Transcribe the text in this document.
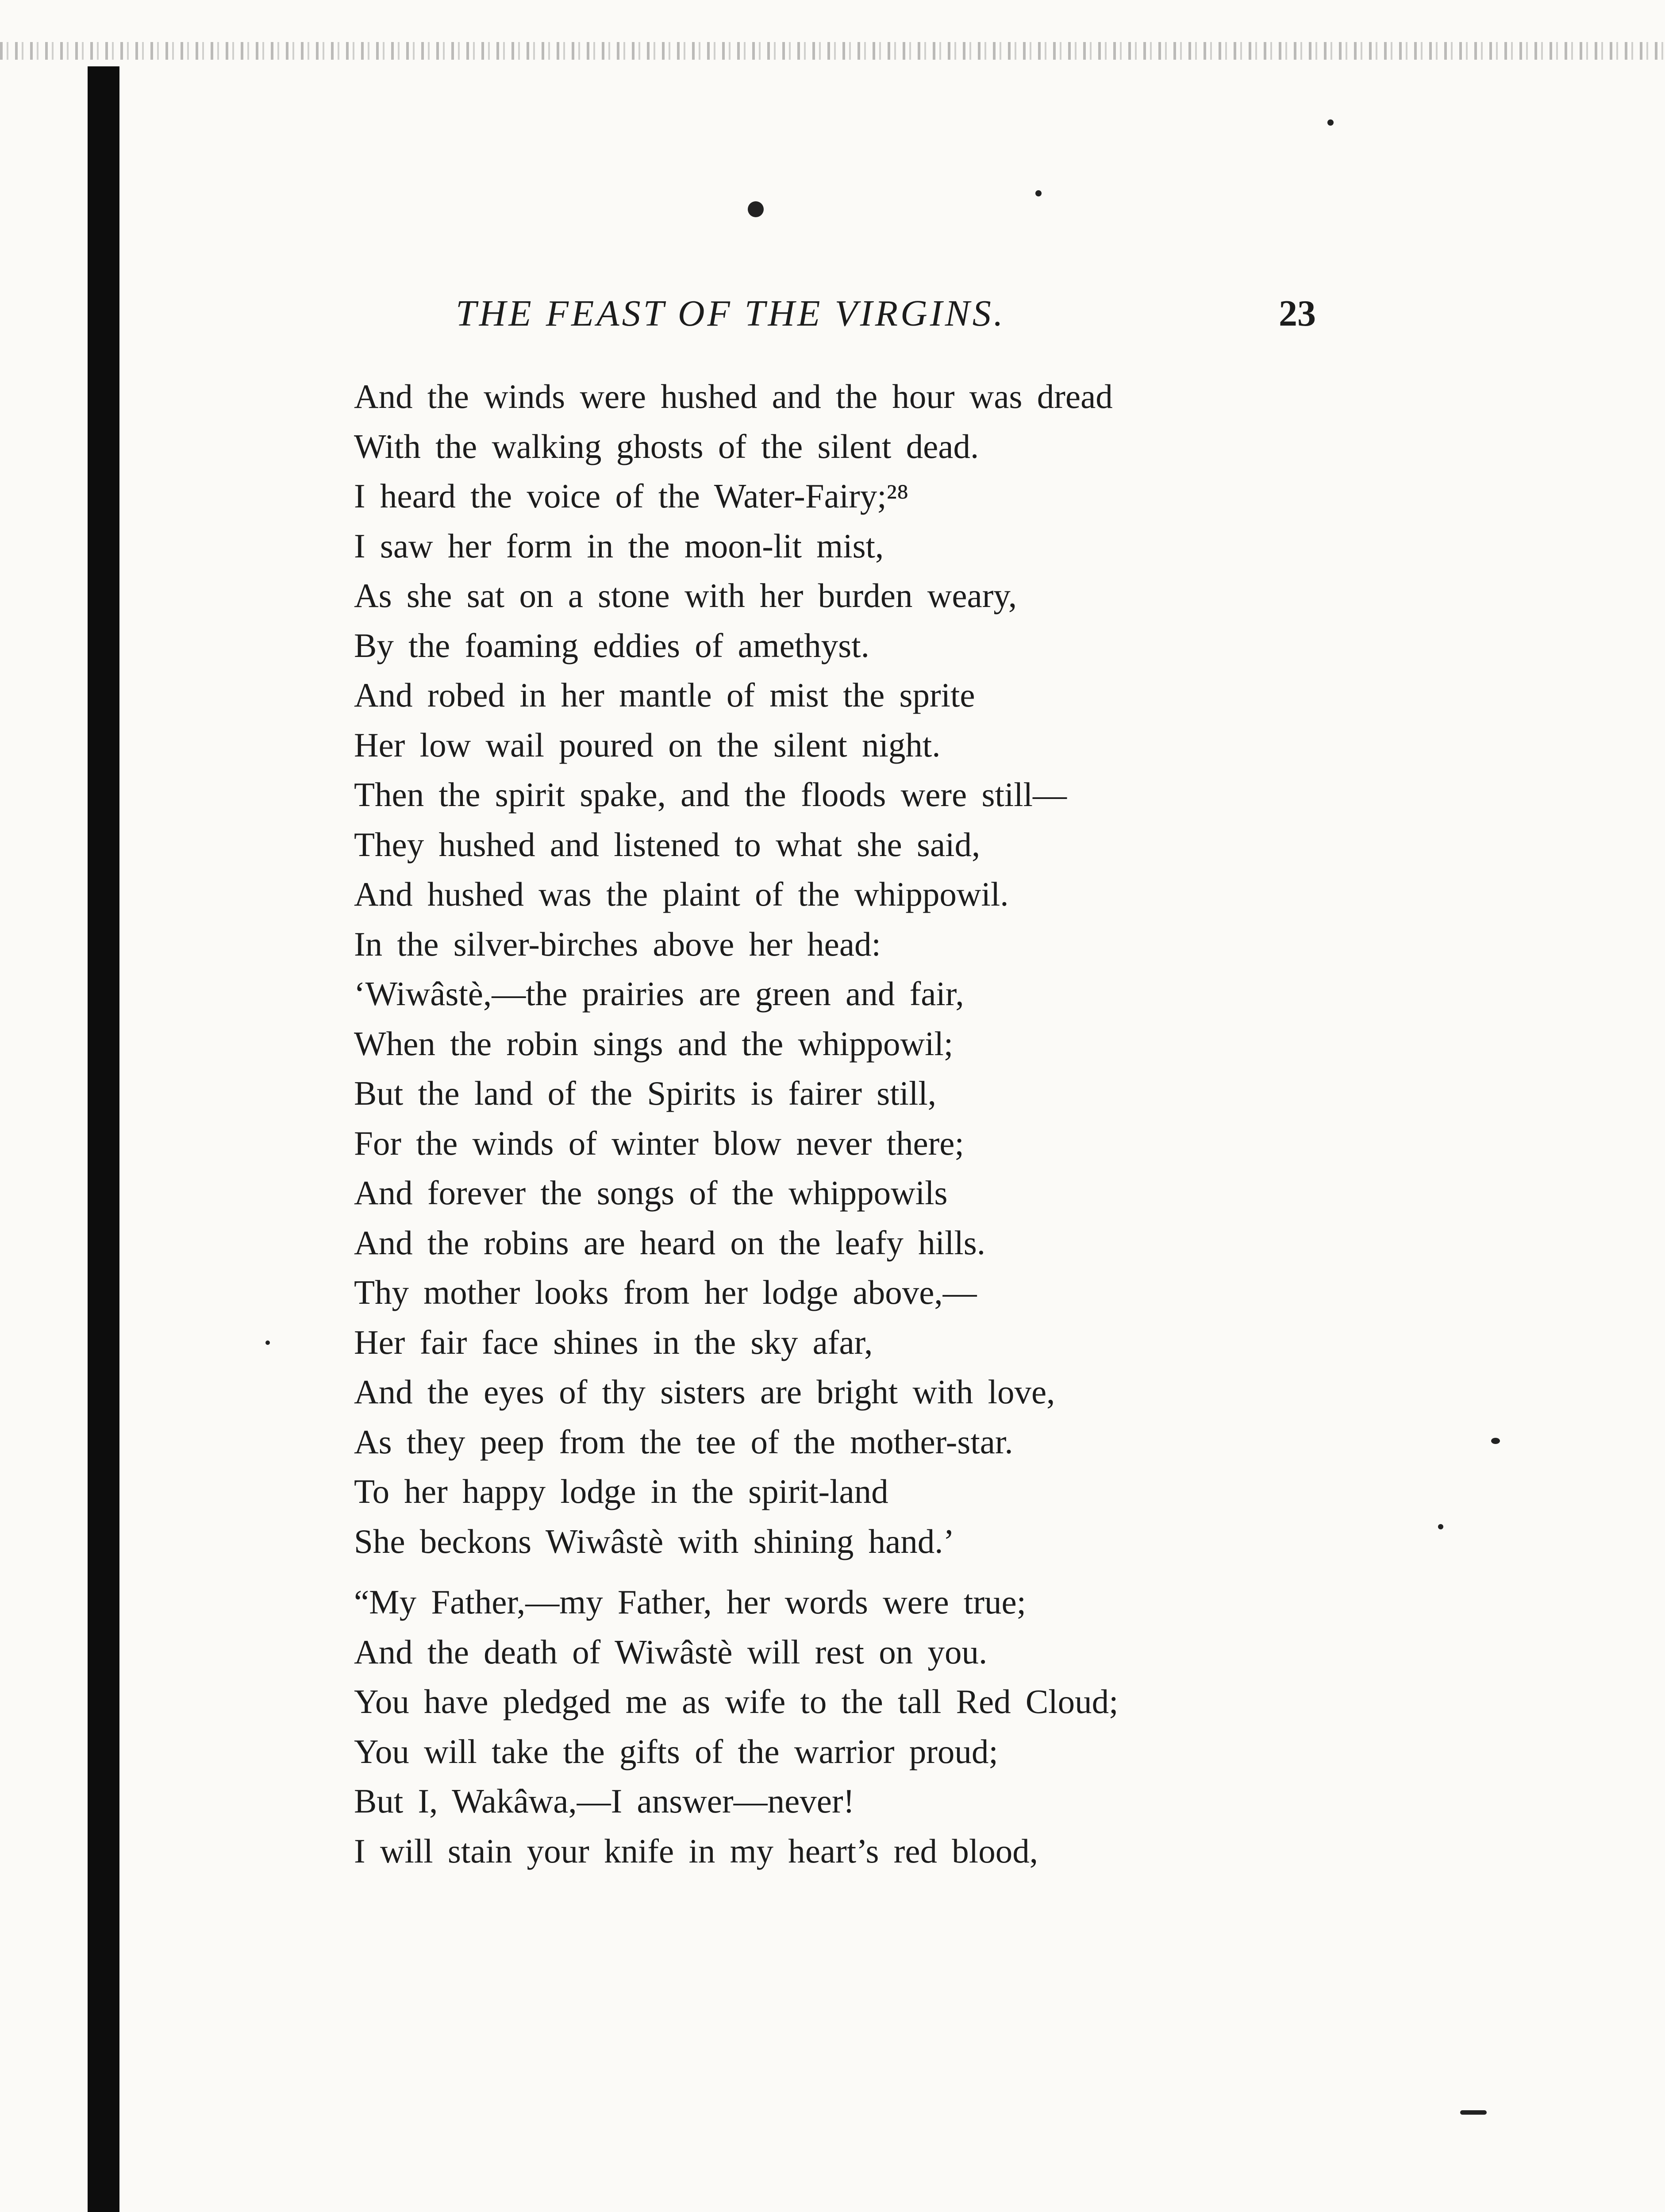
THE FEAST OF THE VIRGINS.	23
And the winds were hushed and the hour was dread
With the walking ghosts of the silent dead.
I heard the voice of the Water-Fairy;²⁸
I saw her form in the moon-lit mist,
As she sat on a stone with her burden weary,
By the foaming eddies of amethyst.
And robed in her mantle of mist the sprite
Her low wail poured on the silent night.
Then the spirit spake, and the floods were still—
They hushed and listened to what she said,
And hushed was the plaint of the whippowil.
In the silver-birches above her head:
‘Wiwâstè,—the prairies are green and fair,
When the robin sings and the whippowil;
But the land of the Spirits is fairer still,
For the winds of winter blow never there;
And forever the songs of the whippowils
And the robins are heard on the leafy hills.
Thy mother looks from her lodge above,—
Her fair face shines in the sky afar,
And the eyes of thy sisters are bright with love,
As they peep from the tee of the mother-star.
To her happy lodge in the spirit-land
She beckons Wiwâstè with shining hand.’
“My Father,—my Father, her words were true;
And the death of Wiwâstè will rest on you.
You have pledged me as wife to the tall Red Cloud;
You will take the gifts of the warrior proud;
But I, Wakâwa,—I answer—never!
I will stain your knife in my heart’s red blood,
